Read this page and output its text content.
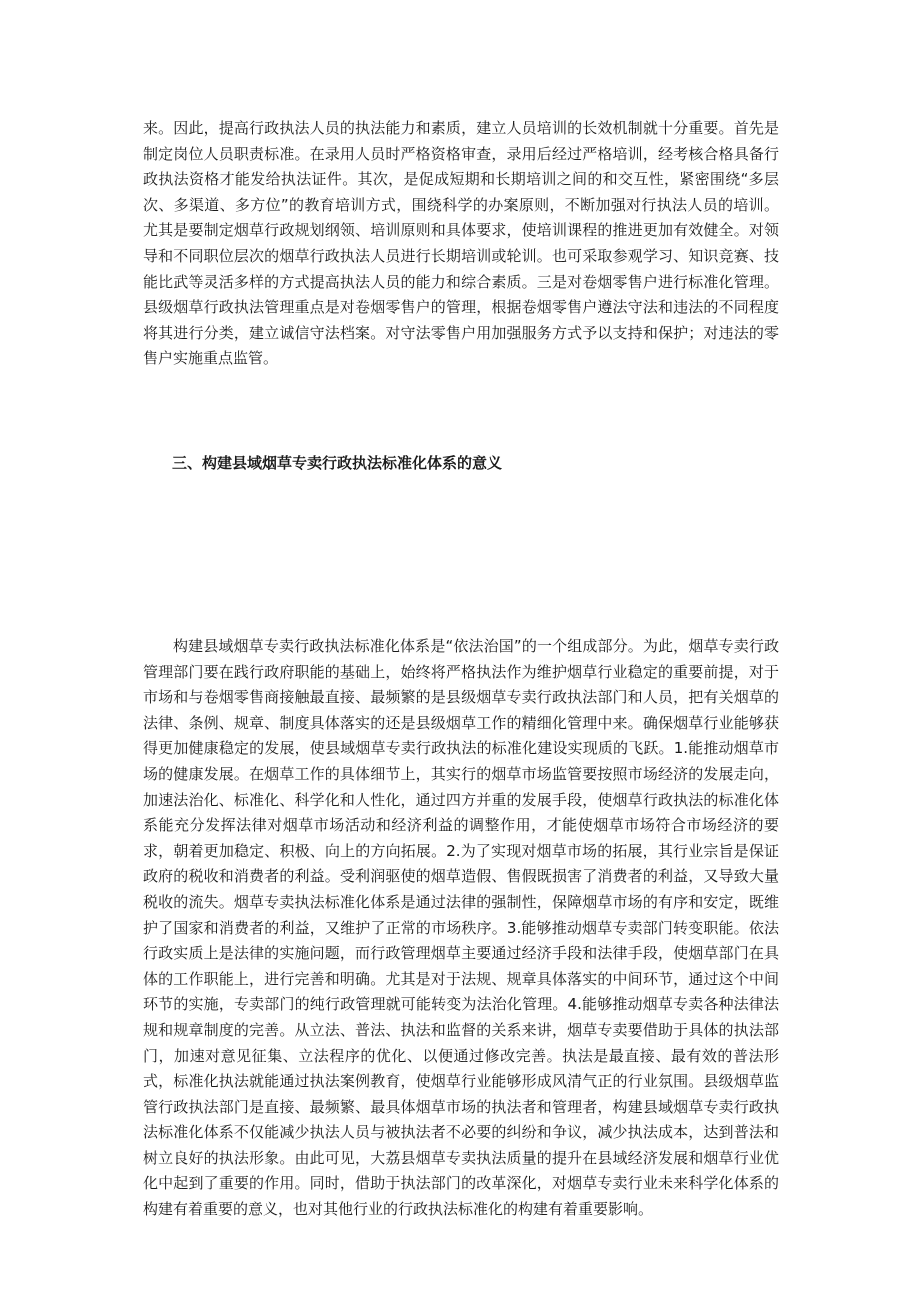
来。因此，提高行政执法人员的执法能力和素质，建立人员培训的长效机制就十分重要。首先是制定岗位人员职责标准。在录用人员时严格资格审查，录用后经过严格培训，经考核合格具备行政执法资格才能发给执法证件。其次，是促成短期和长期培训之间的和交互性，紧密围绕“多层次、多渠道、多方位”的教育培训方式，围绕科学的办案原则，不断加强对行执法人员的培训。尤其是要制定烟草行政规划纲领、培训原则和具体要求，使培训课程的推进更加有效健全。对领导和不同职位层次的烟草行政执法人员进行长期培训或轮训。也可采取参观学习、知识竞赛、技能比武等灵活多样的方式提高执法人员的能力和综合素质。三是对卷烟零售户进行标准化管理。县级烟草行政执法管理重点是对卷烟零售户的管理，根据卷烟零售户遵法守法和违法的不同程度将其进行分类，建立诚信守法档案。对守法零售户用加强服务方式予以支持和保护；对违法的零售户实施重点监管。

三、构建县域烟草专卖行政执法标准化体系的意义

构建县域烟草专卖行政执法标准化体系是“依法治国”的一个组成部分。为此，烟草专卖行政管理部门要在践行政府职能的基础上，始终将严格执法作为维护烟草行业稳定的重要前提，对于市场和与卷烟零售商接触最直接、最频繁的是县级烟草专卖行政执法部门和人员，把有关烟草的法律、条例、规章、制度具体落实的还是县级烟草工作的精细化管理中来。确保烟草行业能够获得更加健康稳定的发展，使县域烟草专卖行政执法的标准化建设实现质的飞跃。1.能推动烟草市场的健康发展。在烟草工作的具体细节上，其实行的烟草市场监管要按照市场经济的发展走向，加速法治化、标准化、科学化和人性化，通过四方并重的发展手段，使烟草行政执法的标准化体系能充分发挥法律对烟草市场活动和经济利益的调整作用，才能使烟草市场符合市场经济的要求，朝着更加稳定、积极、向上的方向拓展。2.为了实现对烟草市场的拓展，其行业宗旨是保证政府的税收和消费者的利益。受利润驱使的烟草造假、售假既损害了消费者的利益，又导致大量税收的流失。烟草专卖执法标准化体系是通过法律的强制性，保障烟草市场的有序和安定，既维护了国家和消费者的利益，又维护了正常的市场秩序。3.能够推动烟草专卖部门转变职能。依法行政实质上是法律的实施问题，而行政管理烟草主要通过经济手段和法律手段，使烟草部门在具体的工作职能上，进行完善和明确。尤其是对于法规、规章具体落实的中间环节，通过这个中间环节的实施，专卖部门的纯行政管理就可能转变为法治化管理。4.能够推动烟草专卖各种法律法规和规章制度的完善。从立法、普法、执法和监督的关系来讲，烟草专卖要借助于具体的执法部门，加速对意见征集、立法程序的优化、以便通过修改完善。执法是最直接、最有效的普法形式，标准化执法就能通过执法案例教育，使烟草行业能够形成风清气正的行业氛围。县级烟草监管行政执法部门是直接、最频繁、最具体烟草市场的执法者和管理者，构建县域烟草专卖行政执法标准化体系不仅能减少执法人员与被执法者不必要的纠纷和争议，减少执法成本，达到普法和树立良好的执法形象。由此可见，大荔县烟草专卖执法质量的提升在县域经济发展和烟草行业优化中起到了重要的作用。同时，借助于执法部门的改革深化，对烟草专卖行业未来科学化体系的构建有着重要的意义，也对其他行业的行政执法标准化的构建有着重要影响。
